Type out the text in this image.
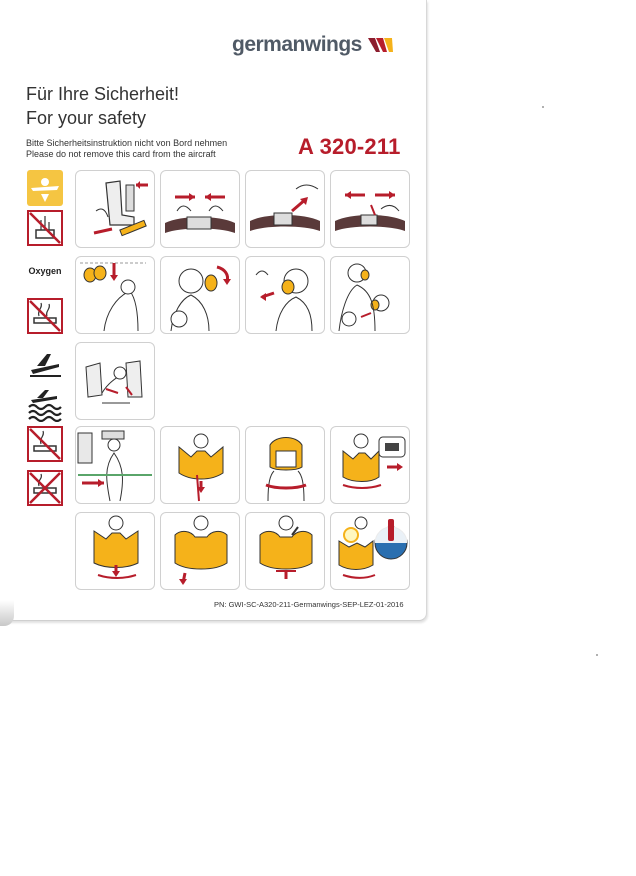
germanwings
Für Ihre Sicherheit!
For your safety
Bitte Sicherheitsinstruktion nicht von Bord nehmen
Please do not remove this card from the aircraft	A 320-211
Oxygen
PN: GWI-SC-A320-211-Germanwings-SEP-LEZ-01-2016
